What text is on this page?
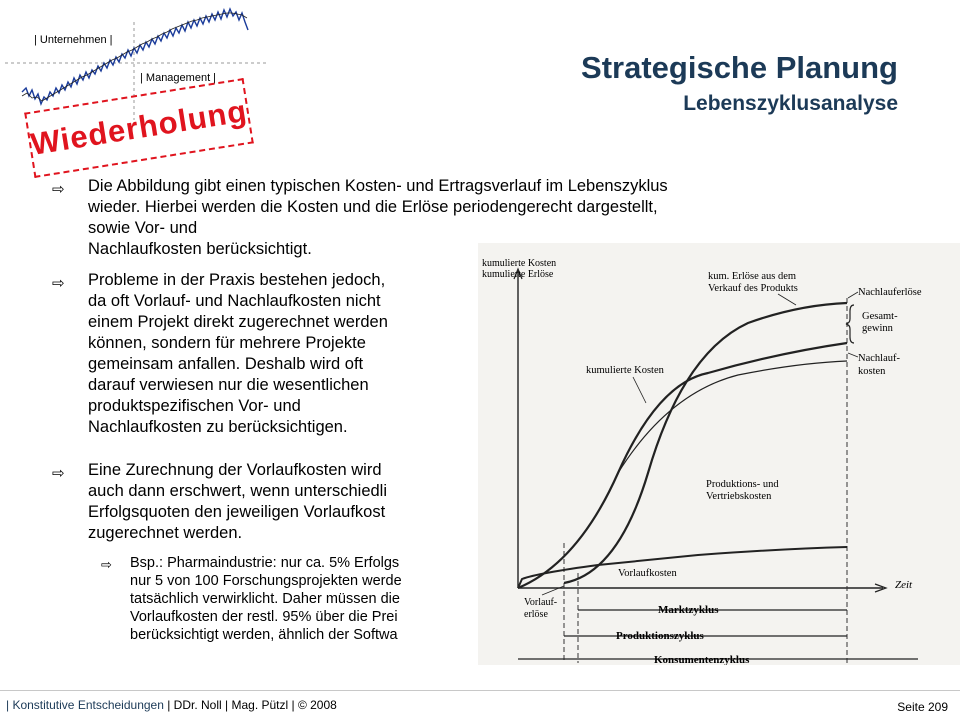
| Unternehmen |
| Management |	Strategische Planung
Lebenszyklusanalyse
Wiederholung
⇨ Die Abbildung gibt einen typischen Kosten- und Ertragsverlauf im Lebenszyklus
wieder. Hierbei werden die Kosten und die Erlöse periodengerecht dargestellt,
sowie Vor- und
Nachlaufkosten berücksichtigt.
⇨ Probleme in der Praxis bestehen jedoch,
da oft Vorlauf- und Nachlaufkosten nicht
einem Projekt direkt zugerechnet werden
können, sondern für mehrere Projekte
gemeinsam anfallen. Deshalb wird oft
darauf verwiesen nur die wesentlichen
produktspezifischen Vor- und
Nachlaufkosten zu berücksichtigen.
⇨ Eine Zurechnung der Vorlaufkosten wird
auch dann erschwert, wenn unterschiedli
Erfolgsquoten den jeweiligen Vorlaufkost
zugerechnet werden.
⇨ Bsp.: Pharmaindustrie: nur ca. 5% Erfolgs
nur 5 von 100 Forschungsprojekten werde
tatsächlich verwirklicht. Daher müssen die
Vorlaufkosten der restl. 95% über die Prei
berücksichtigt werden, ähnlich der Softwa
kumulierte Kosten
kumulierte Erlöse
Zeit
kum. Erlöse aus dem
Verkauf des Produkts	Nachlauferlöse
Gesamt-
gewinn
Nachlauf-
kosten
kumulierte Kosten
Produktions- und
Vertriebskosten
Vorlaufkosten
Vorlauf-
erlöse	Marktzyklus
Produktionszyklus
Konsumentenzyklus
| Konstitutive Entscheidungen | DDr. Noll | Mag. Pützl | © 2008	Seite 209
